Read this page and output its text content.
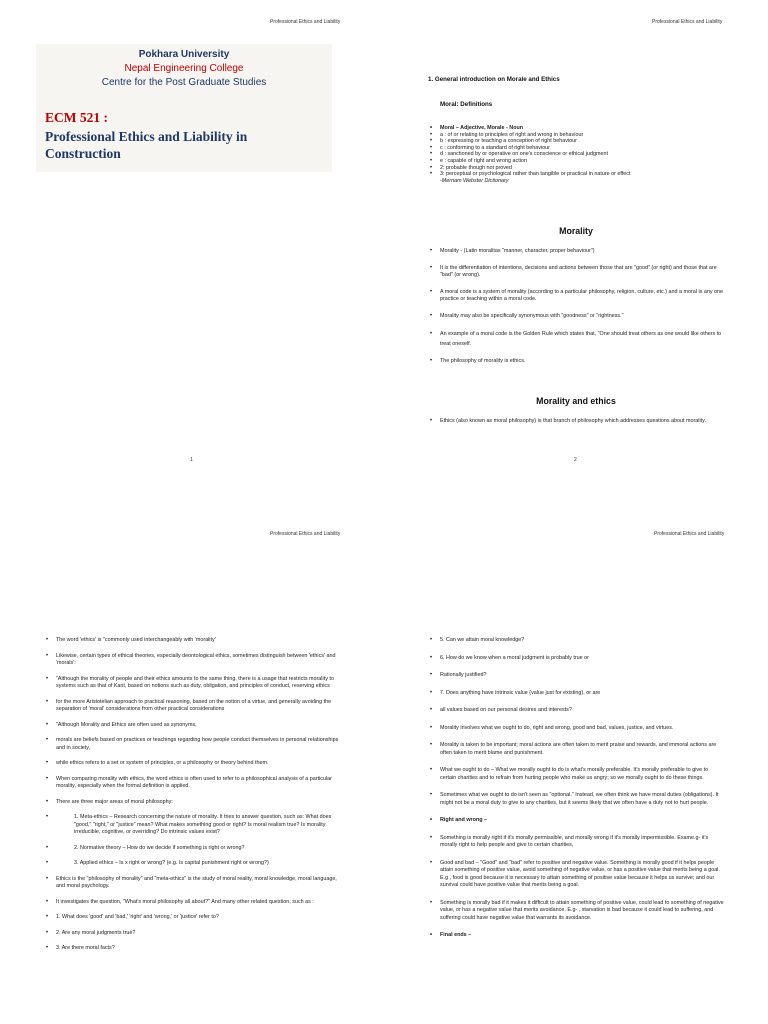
Professional Ethics and Liability
Pokhara University
Nepal Engineering College
Centre for the Post Graduate Studies
ECM 521 :
Professional Ethics and Liability in
Construction
1
Professional Ethics and Liability
1. General introduction on Morale and Ethics
Moral: Definitions
• Moral – Adjective, Morale - Noun
• a : of or relating to principles of right and wrong in behaviour
• b : expressing or teaching a conception of right behaviour
• c : conforming to a standard of right behaviour
• d : sanctioned by or operative on one's conscience or ethical judgment
• e : capable of right and wrong action
• 2: probable though not proved
• 3: perceptual or psychological rather than tangible or practical in nature or effect
-Merriam Webster Dictionary
Morality
• Morality - (Latin moralitas "manner, character, proper behaviour")
• It is the differentiation of intentions, decisions and actions between those that are "good" (or right) and those that are "bad" (or wrong).
• A moral code is a system of morality (according to a particular philosophy, religion, culture, etc.) and a moral is any one practice or teaching within a moral code.
• Morality may also be specifically synonymous with "goodness" or "rightness."
• An example of a moral code is the Golden Rule which states that, "One should treat others as one would like others to treat oneself.
• The philosophy of morality is ethics.
Morality and ethics
• Ethics (also known as moral philosophy) is that branch of philosophy which addresses questions about morality.
2
Professional Ethics and Liability
• The word 'ethics' is "commonly used interchangeably with 'morality'
• Likewise, certain types of ethical theories, especially deontological ethics, sometimes distinguish between 'ethics' and 'morals':
• "Although the morality of people and their ethics amounts to the same thing, there is a usage that restricts morality to systems such as that of Kant, based on notions such as duty, obligation, and principles of conduct, reserving ethics
• for the more Aristotelian approach to practical reasoning, based on the notion of a virtue, and generally avoiding the separation of 'moral' considerations from other practical considerations
• "Although Morality and Ethics are often used as synonyms,
• morals are beliefs based on practices or teachings regarding how people conduct themselves in personal relationships and in society,
• while ethics refers to a set or system of principles, or a philosophy or theory behind them.
• When comparing morality with ethics, the word ethics is often used to refer to a philosophical analysis of a particular morality, especially when the formal definition is applied.
• There are three major areas of moral philosophy:
• 1. Meta-ethics – Research concerning the nature of morality. It tries to answer question, such as: What does "good," "right," or "justice" mean? What makes something good or right? Is moral realism true? Is morality irreducible, cognitive, or overriding? Do intrinsic values exist?
• 2. Normative theory – How do we decide if something is right or wrong?
• 3. Applied ethics – Is x right or wrong? (e.g. Is capital punishment right or wrong?)
• Ethics is the "philosophy of morality" and "meta-ethics" is the study of moral reality, moral knowledge, moral language, and moral psychology.
• It investigates the question, "What's moral philosophy all about?" And many other related question, such as :
• 1. What does 'good' and 'bad,' 'right' and 'wrong,' or 'justice' refer to?
• 2. Are any moral judgments true?
• 3. Are there moral facts?
Professional Ethics and Liability
• 5. Can we attain moral knowledge?
• 6. How do we know when a moral judgment is probably true or
• Rationally justified?
• 7. Does anything have intrinsic value (value just for existing), or are
• all values based on our personal desires and interests?
• Morality involves what we ought to do, right and wrong, good and bad, values, justice, and virtues.
• Morality is taken to be important; moral actions are often taken to merit praise and rewards, and immoral actions are often taken to merit blame and punishment.
• What we ought to do – What we morally ought to do is what's morally preferable. It's morally preferable to give to certain charities and to refrain from hurting people who make us angry; so we morally ought to do these things.
• Sometimes what we ought to do isn't seen as "optional." Instead, we often think we have moral duties (obligations). It might not be a moral duty to give to any charities, but it seems likely that we often have a duty not to hurt people.
• Right and wrong –
• Something is morally right if it's morally permissible, and morally wrong if it's morally impermissible. Exame.g- it's morally right to help people and give to certain charities,
• Good and bad – "Good" and "bad" refer to positive and negative value. Something is morally good if it helps people attain something of positive value, avoid something of negative value, or has a positive value that merits being a goal. E.g , food is good because it is necessary to attain something of positive value because it helps us survive; and our survival could have positive value that merits being a goal.
• Something is morally bad if it makes it difficult to attain something of positive value, could lead to something of negative value, or has a negative value that merits avoidance. E.g- , starvation is bad because it could lead to suffering, and suffering could have negative value that warrants its avoidance.
• Final ends –
